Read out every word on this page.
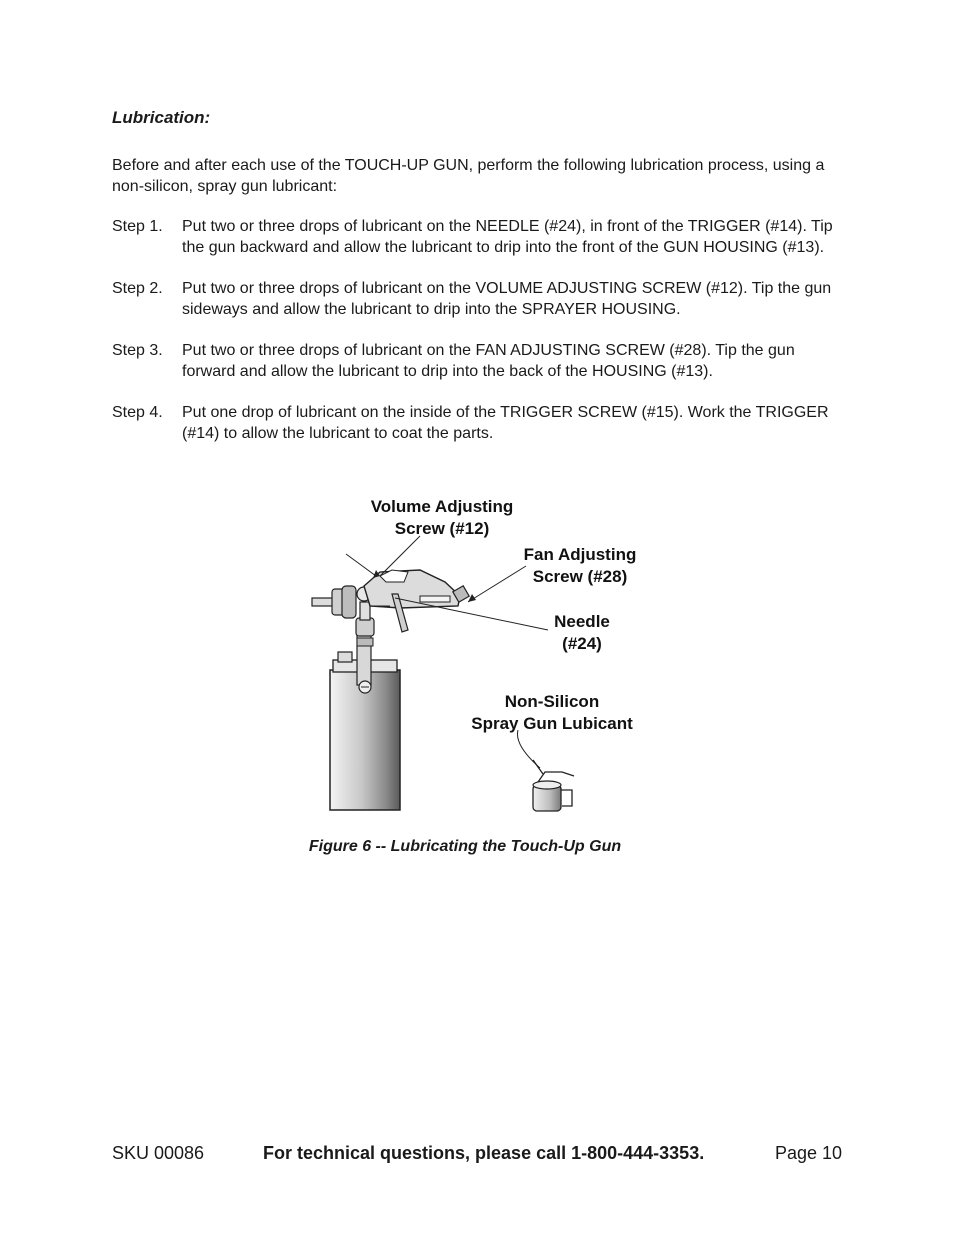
Lubrication:
Before and after each use of the TOUCH-UP GUN, perform the following lubrication process, using a non-silicon, spray gun lubricant:
Step 1.	Put two or three drops of lubricant on the NEEDLE (#24), in front of the TRIGGER (#14). Tip the gun backward and allow the lubricant to drip into the front of the GUN HOUSING (#13).
Step 2.	Put two or three drops of lubricant on the VOLUME ADJUSTING SCREW (#12). Tip the gun sideways and allow the lubricant to drip into the SPRAYER HOUSING.
Step 3.	Put two or three drops of lubricant on the FAN ADJUSTING SCREW (#28). Tip the gun forward and allow the lubricant to drip into the back of the HOUSING (#13).
Step 4.	Put one drop of lubricant on the inside of the TRIGGER SCREW (#15). Work the TRIGGER (#14) to allow the lubricant to coat the parts.
Volume Adjusting
Screw (#12)
Fan Adjusting
Screw (#28)
Needle
(#24)
Non-Silicon
Spray Gun Lubicant
Figure 6 -- Lubricating the Touch-Up Gun
SKU 00086	For technical questions, please call 1-800-444-3353.	Page 10
